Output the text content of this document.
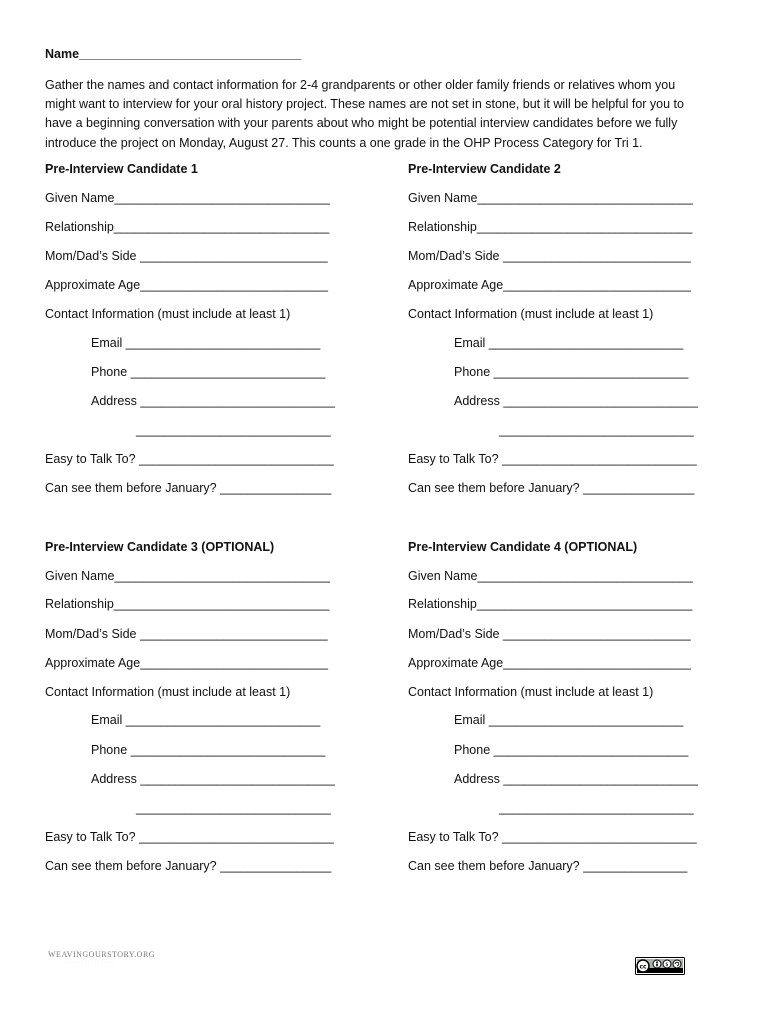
Name________________________________
Gather the names and contact information for 2-4 grandparents or other older family friends or relatives whom you
might want to interview for your oral history project. These names are not set in stone, but it will be helpful for you to
have a beginning conversation with your parents about who might be potential interview candidates before we fully
introduce the project on Monday, August 27. This counts a one grade in the OHP Process Category for Tri 1.
Pre-Interview Candidate 1
Given Name_______________________________
Relationship_______________________________
Mom/Dad’s Side ___________________________
Approximate Age___________________________
Contact Information (must include at least 1)
Email ____________________________
Phone ____________________________
Address ____________________________
____________________________
Easy to Talk To? ____________________________
Can see them before January? ________________
Pre-Interview Candidate 2
Given Name_______________________________
Relationship_______________________________
Mom/Dad’s Side ___________________________
Approximate Age___________________________
Contact Information (must include at least 1)
Email ____________________________
Phone ____________________________
Address ____________________________
____________________________
Easy to Talk To? ____________________________
Can see them before January? ________________
Pre-Interview Candidate 3 (OPTIONAL)
Given Name_______________________________
Relationship_______________________________
Mom/Dad’s Side ___________________________
Approximate Age___________________________
Contact Information (must include at least 1)
Email ____________________________
Phone ____________________________
Address ____________________________
____________________________
Easy to Talk To? ____________________________
Can see them before January? ________________
Pre-Interview Candidate 4 (OPTIONAL)
Given Name_______________________________
Relationship_______________________________
Mom/Dad’s Side ___________________________
Approximate Age___________________________
Contact Information (must include at least 1)
Email ____________________________
Phone ____________________________
Address ____________________________
____________________________
Easy to Talk To? ____________________________
Can see them before January? _______________
WEAVINGOURSTORY.ORG
· · · · · · · · · · · · · ·
cc	$
